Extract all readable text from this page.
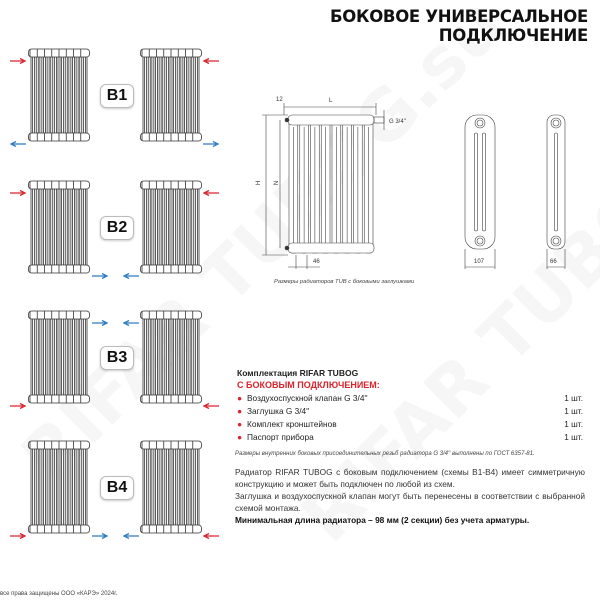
БОКОВОЕ УНИВЕРСАЛЬНОЕ
ПОДКЛЮЧЕНИЕ
B1
B2
B3
B4
12	L
G 3/4''
H N
46	107	66
Размеры радиаторов TUB с боковыми заглушками
Комплектация RIFAR TUBOG
С БОКОВЫМ ПОДКЛЮЧЕНИЕМ:
● Воздухоспускной клапан G 3/4''	1 шт.
● Заглушка G 3/4''	1 шт.
● Комплект кронштейнов	1 шт.
● Паспорт прибора	1 шт.
Размеры внутренних боковых присоединительных резьб радиатора G 3/4'' выполнены по ГОСТ 6357-81.
Радиатор RIFAR TUBOG с боковым подключением (схемы B1-B4) имеет симметричную конструкцию и может быть подключен по любой из схем.
Заглушка и воздухоспускной клапан могут быть перенесены в соответствии с выбранной схемой монтажа.
Минимальная длина радиатора – 98 мм (2 секции) без учета арматуры.
все права защищены ООО «КАРЭ» 2024г.
